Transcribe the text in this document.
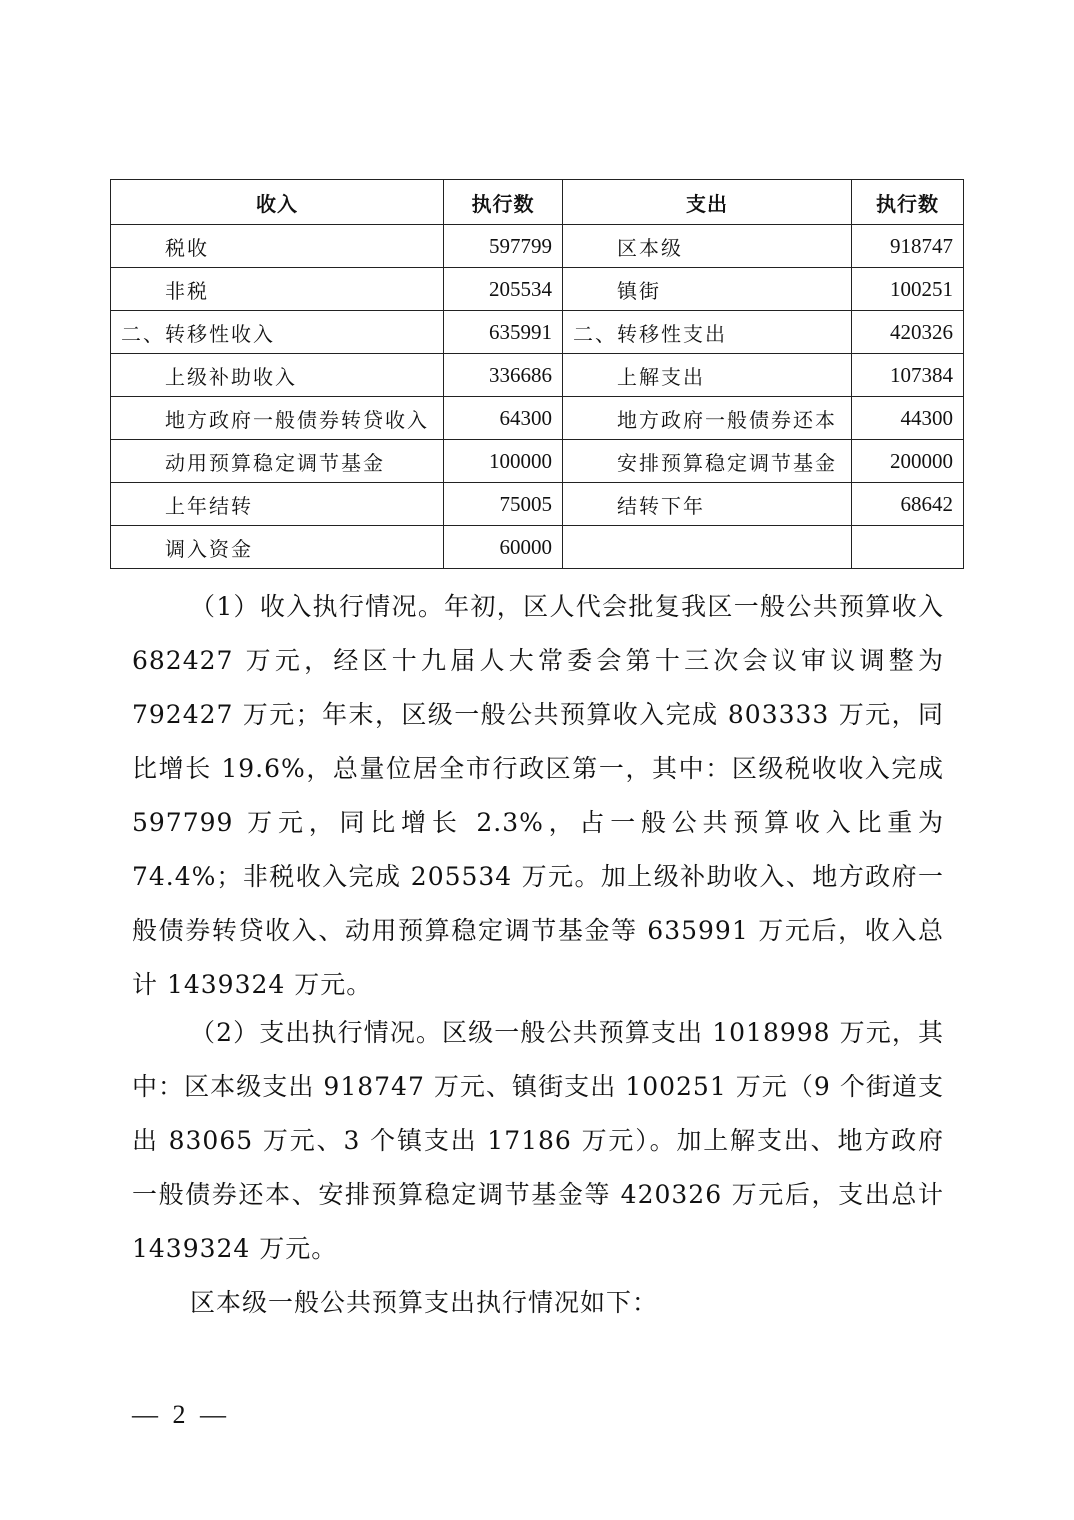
收入	执行数	支出	执行数
税收	597799	区本级	918747
非税	205534	镇街	100251
二、转移性收入	635991	二、转移性支出	420326
上级补助收入	336686	上解支出	107384
地方政府一般债券转贷收入	64300	地方政府一般债券还本	44300
动用预算稳定调节基金	100000	安排预算稳定调节基金	200000
上年结转	75005	结转下年	68642
调入资金	60000		

（1）收入执行情况。年初，区人代会批复我区一般公共预算收入 682427 万元，经区十九届人大常委会第十三次会议审议调整为 792427 万元；年末，区级一般公共预算收入完成 803333 万元，同比增长 19.6%，总量位居全市行政区第一，其中：区级税收收入完成 597799 万元，同比增长 2.3%，占一般公共预算收入比重为 74.4%；非税收入完成 205534 万元。加上级补助收入、地方政府一般债券转贷收入、动用预算稳定调节基金等 635991 万元后，收入总计 1439324 万元。

（2）支出执行情况。区级一般公共预算支出 1018998 万元，其中：区本级支出 918747 万元、镇街支出 100251 万元（9 个街道支出 83065 万元、3 个镇支出 17186 万元）。加上解支出、地方政府一般债券还本、安排预算稳定调节基金等 420326 万元后，支出总计 1439324 万元。

区本级一般公共预算支出执行情况如下：

— 2 —
